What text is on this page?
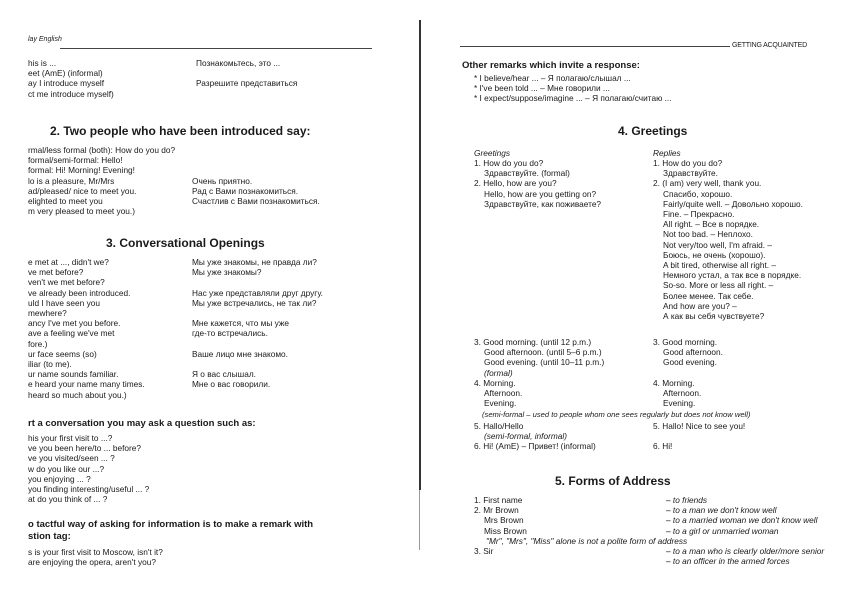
lay English
his is ...
eet (AmE) (informal)
ay I introduce myself
ct me introduce myself)
Познакомьтесь, это ...

Разрешите представиться

2. Two people who have been introduced say:
rmal/less formal (both): How do you do?
formal/semi-formal: Hello!
formal: Hi! Morning! Evening!
lo is a pleasure, Mr/Mrs
ad/pleased/ nice to meet you.
elighted to meet you
m very pleased to meet you.)

Очень приятно.
Рад с Вами познакомиться.
Счастлив с Вами познакомиться.

3. Conversational Openings
e met at ..., didn't we?
ve met before?
ven't we met before?
ve already been introduced.
uld I have seen you
mewhere?
ancy I've met you before.
ave a feeling we've met
fore.)
ur face seems (so)
iliar (to me).
ur name sounds familiar.
e heard your name many times.
heard so much about you.)
Мы уже знакомы, не правда ли?
Мы уже знакомы?

Нас уже представляли друг другу.
Мы уже встречались, не так ли?

Мне кажется, что мы уже
где-то встречались.

Ваше лицо мне знакомо.

Я о вас слышал.
Мне о вас говорили.

rt a conversation you may ask a question such as:
his your first visit to ...?
ve you been here/to ... before?
ve you visited/seen ... ?
w do you like our ...?
you enjoying ... ?
you finding interesting/useful ... ?
at do you think of ... ?
o tactful way of asking for information is to make a remark with
stion tag:
s is your first visit to Moscow, isn't it?
are enjoying the opera, aren't you?
GETTING ACQUAINTED
Other remarks which invite a response:
* I believe/hear ... – Я полагаю/слышал ...
* I've been told ... – Мне говорили ...
* I expect/suppose/imagine ... – Я полагаю/считаю ...
4. Greetings
Greetings	Replies
1. How do you do?
Здравствуйте. (formal)
2. Hello, how are you?
Hello, how are you getting on?
Здравствуйте, как поживаете?
1. How do you do?
Здравствуйте.
2. (I am) very well, thank you.
Спасибо, хорошо.
Fairly/quite well. – Довольно хорошо.
Fine. – Прекрасно.
All right. – Все в порядке.
Not too bad. – Неплохо.
Not very/too well, I'm afraid. –
Боюсь, не очень (хорошо).
A bit tired, otherwise all right. –
Немного устал, а так все в порядке.
So-so. More or less all right. –
Более менее. Так себе.
And how are you? –
А как вы себя чувствуете?
3. Good morning. (until 12 p.m.)
Good afternoon. (until 5–6 p.m.)
Good evening. (until 10–11 p.m.)
(formal)
4. Morning.
Afternoon.
Evening.
3. Good morning.
Good afternoon.
Good evening.

4. Morning.
Afternoon.
Evening.
(semi-formal – used to people whom one sees regularly but does not know well)
5. Hallo/Hello
(semi-formal, informal)
6. Hi! (AmE) – Привет! (informal)
5. Hallo! Nice to see you!

6. Hi!
5. Forms of Address
1. First name
2. Mr Brown
Mrs Brown
Miss Brown

3. Sir

– to friends
– to a man we don't know well
– to a married woman we don't know well
– to a girl or unmarried woman

– to a man who is clearly older/more senior
– to an officer in the armed forces
"Mr", "Mrs", "Miss" alone is not a polite form of address
